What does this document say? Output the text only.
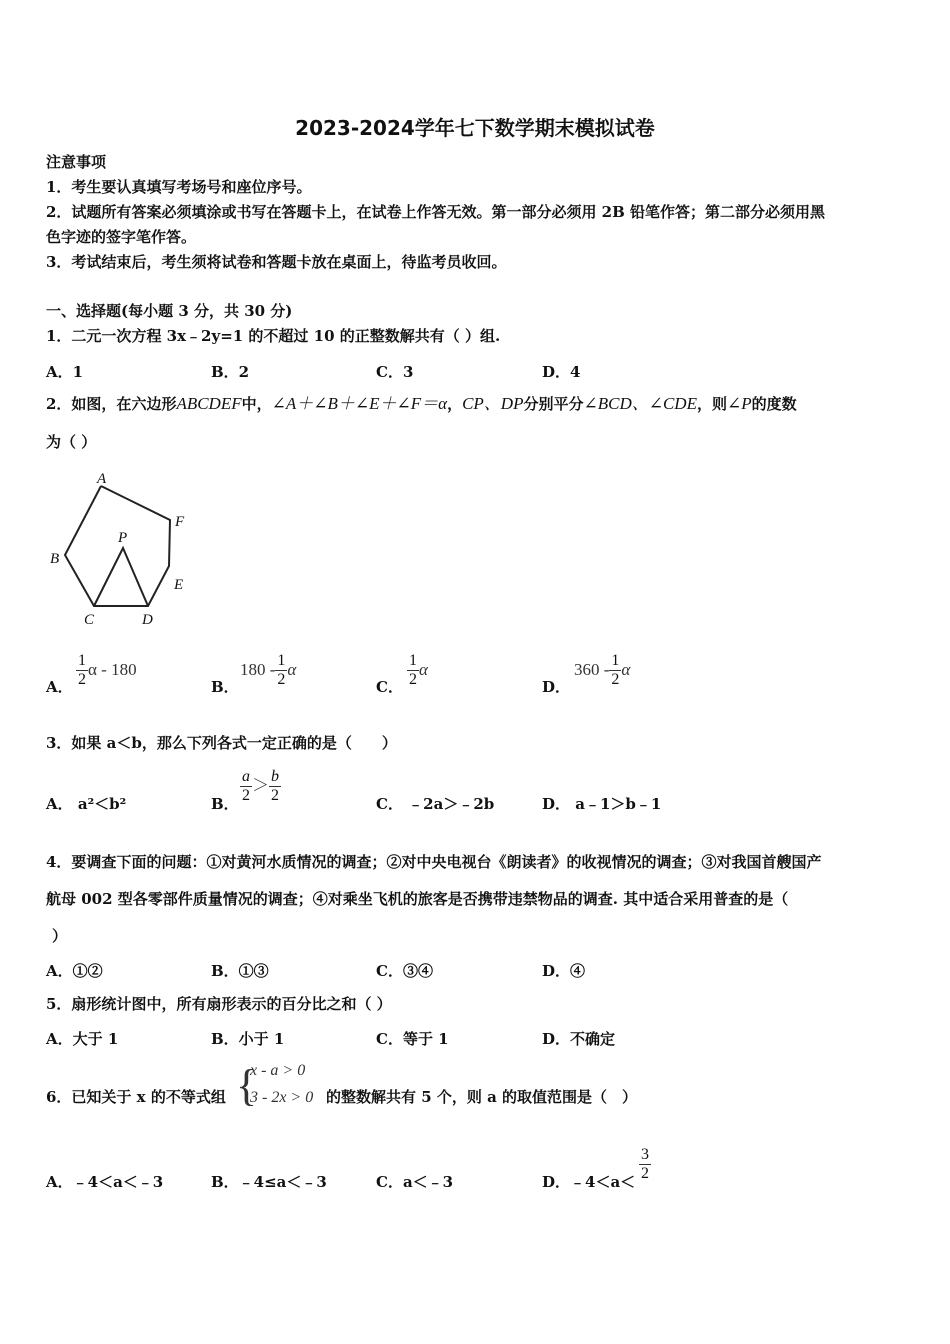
2023-2024学年七下数学期末模拟试卷
注意事项
1．考生要认真填写考场号和座位序号。
2．试题所有答案必须填涂或书写在答题卡上，在试卷上作答无效。第一部分必须用 2B 铅笔作答；第二部分必须用黑
色字迹的签字笔作答。
3．考试结束后，考生须将试卷和答题卡放在桌面上，待监考员收回。
一、选择题(每小题 3 分，共 30 分)
1．二元一次方程 3x﹣2y=1 的不超过 10 的正整数解共有（ ）组.
A．1	B．2	C．3	D．4
2．如图，在六边形ABCDEF中，∠A＋∠B＋∠E＋∠F＝α，CP、DP分别平分∠BCD、∠CDE，则∠P的度数
为（ ）
A
B
C	D
E
F
P
A． $\frac{1}{2}$ α - 180
B．
$180 - \frac{1}{2}$ α
C． $\frac{1}{2}$ α
D．
$360 - \frac{1}{2}$ α
3．如果 a＜b，那么下列各式一定正确的是（　　）
A． a²＜b²	B． $\frac{a}{2} > \frac{b}{2}$	C． ﹣2a＞﹣2b	D． a﹣1＞b﹣1
4．要调查下面的问题：①对黄河水质情况的调查；②对中央电视台《朗读者》的收视情况的调查；③对我国首艘国产
航母 002 型各零部件质量情况的调查；④对乘坐飞机的旅客是否携带违禁物品的调查. 其中适合采用普查的是（
）
A．①②	B．①③	C．③④	D．④
5．扇形统计图中，所有扇形表示的百分比之和（ ）
A．大于 1	B．小于 1	C．等于 1	D．不确定
6．已知关于 x 的不等式组 {
x - a > 0
3 - 2x > 0 的整数解共有 5 个，则 a 的取值范围是（　）
A．﹣4＜a＜﹣3	B．﹣4≤a＜﹣3	C．a＜﹣3	D．﹣4＜a＜ $\frac{3}{2}$
